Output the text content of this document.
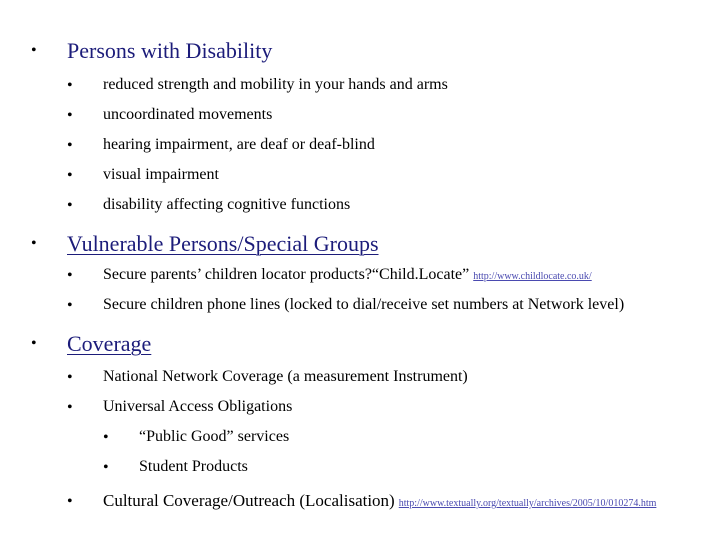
• Persons with Disability
• reduced strength and mobility in your hands and arms
• uncoordinated movements
• hearing impairment, are deaf or deaf-blind
• visual impairment
• disability affecting cognitive functions
• Vulnerable Persons/Special Groups
• Secure parents’ children locator products?“Child.Locate” http://www.childlocate.co.uk/
• Secure children phone lines (locked to dial/receive set numbers at Network level)
• Coverage
• National Network Coverage (a measurement Instrument)
• Universal Access Obligations
• “Public Good” services
• Student Products
• Cultural Coverage/Outreach (Localisation) http://www.textually.org/textually/archives/2005/10/010274.htm
